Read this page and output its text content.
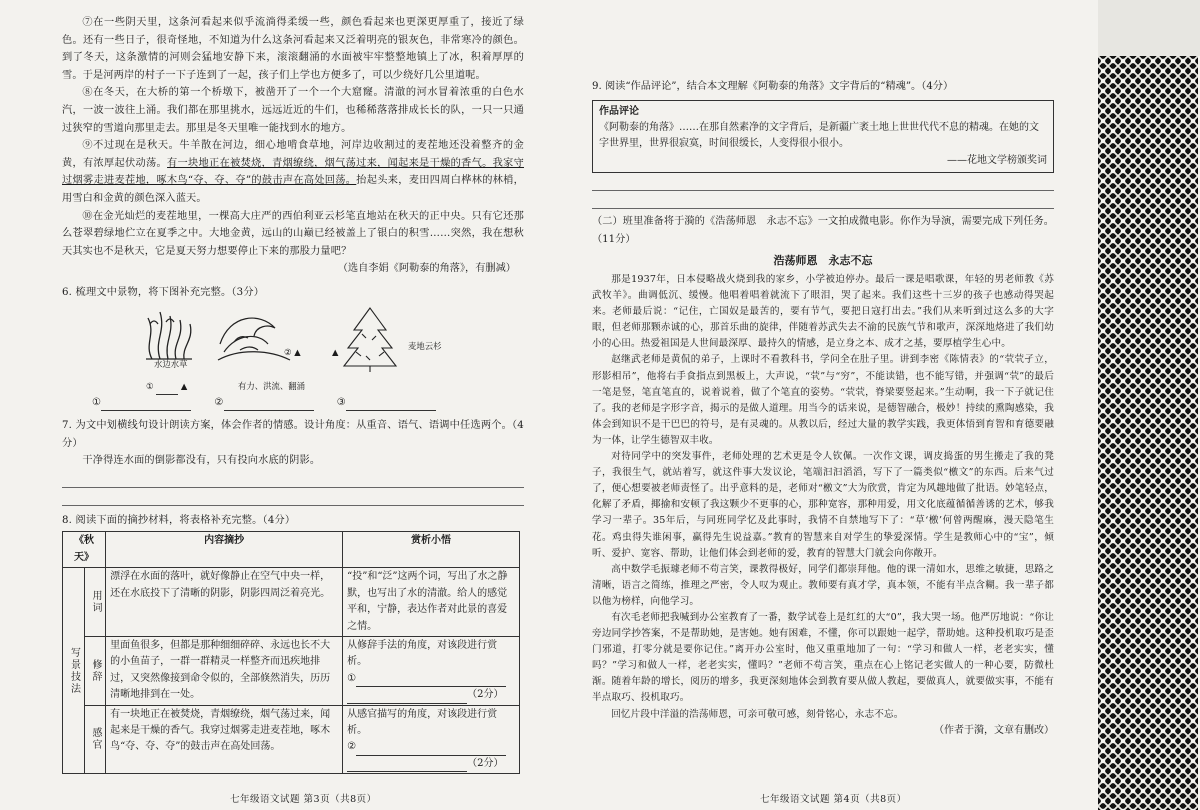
⑦在一些阴天里，这条河看起来似乎流淌得柔缓一些，颜色看起来也更深更厚重了，接近了绿色。还有一些日子，很奇怪地，不知道为什么这条河看起来又泛着明亮的银灰色，非常寒冷的颜色。到了冬天，这条激情的河则会猛地安静下来，滚滚翻涌的水面被牢牢整整地镇上了冰，积着厚厚的雪。于是河两岸的村子一下子连到了一起，孩子们上学也方便多了，可以少绕好几公里道呢。

⑧在冬天，在大桥的第一个桥墩下，被凿开了一个一个大窟窿。清澈的河水冒着浓重的白色水汽，一波一波往上涌。我们都在那里挑水，远远近近的牛们，也稀稀落落排成长长的队，一只一只通过狭窄的雪道向那里走去。那里是冬天里唯一能找到水的地方。

⑨不过现在是秋天。牛羊散在河边，细心地啃食草地，河岸边收割过的麦茬地还没着整齐的金黄，有浓厚起伏动荡。有一块地正在被焚烧，青烟缭绕，烟气荡过来，闻起来是干燥的香气。我家守过烟雾走进麦茬地，啄木鸟“夺、夺、夺”的鼓击声在高处回荡。抬起头来，麦田四周白桦林的林梢，用雪白和金黄的颜色深入蓝天。

⑩在金光灿烂的麦茬地里，一棵高大庄严的西伯利亚云杉笔直地站在秋天的正中央。只有它还那么苍翠碧绿地伫立在夏季之中。大地金黄，远山的山巅已经被盖上了银白的积雪……突然，我在想秋天其实也不是秋天，它是夏天努力想要停止下来的那股力量吧？

（选自李娟《阿勒泰的角落》，有删减）

6. 梳理文中景物，将下图补充完整。（3分）

水边水草
② ▲	▲
麦地云杉
①	▲	有力、洪流、翻涌
①	②	③

7. 为文中划横线句设计朗读方案，体会作者的情感。设计角度：从重音、语气、语调中任选两个。（4分）

干净得连水面的倒影都没有，只有投向水底的阴影。

8. 阅读下面的摘抄材料，将表格补充完整。（4分）

《秋天》		内容摘抄	赏析小悟
写景技法	用词	漂浮在水面的落叶，就好像静止在空气中央一样，还在水底投下了清晰的阴影，阴影四周泛着亮光。	“投”和“泛”这两个词，写出了水之静默，也写出了水的清澈。给人的感觉平和，宁静，表达作者对此景的喜爱之情。
	修辞	里面鱼很多，但都是那种细细碎碎、永远也长不大的小鱼苗子，一群一群精灵一样整齐而迅疾地排过，又突然像接到命令似的，全部倏然消失，历历清晰地排到在一处。	从修辞手法的角度，对该段进行赏析。
①
（2分）

	感官	有一块地正在被焚烧，青烟缭绕，烟气荡过来，闻起来是干燥的香气。我穿过烟雾走进麦茬地，啄木鸟“夺、夺、夺”的鼓击声在高处回荡。	从感官描写的角度，对该段进行赏析。
②
（2分）
七年级语文试题 第3页（共8页）

9. 阅读“作品评论”，结合本文理解《阿勒泰的角落》文字背后的“精魂”。（4分）

作品评论
《阿勒泰的角落》……在那自然素净的文字背后，是新疆广袤土地上世世代代不息的精魂。在她的文字世界里，世界很寂寞，时间很缓长，人变得很小很小。
——花地文学榜颁奖词

（二）班里准备将于漪的《浩荡师恩　永志不忘》一文拍成微电影。你作为导演，需要完成下列任务。（11分）

浩荡师恩　永志不忘

那是1937年，日本侵略战火烧到我的家乡，小学被迫停办。最后一课是唱歌课，年轻的男老师教《苏武牧羊》。曲调低沉、缓慢。他唱着唱着就流下了眼泪，哭了起来。我们这些十三岁的孩子也感动得哭起来。老师最后说：“记住，亡国奴是最苦的，要有节气，要把日寇打出去。”我们从来听到过这么多的大字眼，但老师那颗赤诚的心，那首乐曲的旋律，伴随着苏武失去不渝的民族气节和歌声，深深地烙进了我们幼小的心田。热爱祖国是人世间最深厚、最持久的情感，是立身之本、成才之基，要厚植学生心中。

赵继武老师是黄侃的弟子，上课时不看教科书，学问全在肚子里。讲到李密《陈情表》的“茕茕孑立，形影相吊”，他将右手食指点到黑板上，大声说，“茕”与“穷”，不能读错，也不能写错，并强调“茕”的最后一笔是竖，笔直笔直的，说着说着，做了个笔直的姿势。“茕茕，脊梁要竖起来。”生动啊，我一下子就记住了。我的老师是字形字音，揭示的是做人道理。用当今的话来说，是德智融合，极妙！持续的熏陶感染，我体会到知识不是干巴巴的符号，是有灵魂的。从教以后，经过大量的教学实践，我更体悟到育智和育德要融为一体，让学生德智双丰收。

对待同学中的突发事件，老师处理的艺术更是令人钦佩。一次作文课，调皮捣蛋的男生搬走了我的凳子，我很生气，就站着写，就这件事大发议论，笔端汩汩滔滔，写下了一篇类似“檄文”的东西。后来气过了，便心想要被老师责怪了。出乎意料的是，老师对“檄文”大为欣赏，肯定为风趣地做了批语。妙笔轻点，化解了矛盾，揶揄和安顿了我这颗少不更事的心，那种宽容，那种用爱，用文化底蕴循循善诱的艺术，够我学习一辈子。35年后，与同班同学忆及此事时，我情不自禁地写下了：“草‘檄’何曾两醒麻，漫天隐笔生花。鸡虫得失谁闲事，赢得先生说益嘉。”教育的智慧来自对学生的挚爱深情。学生是教师心中的“宝”，倾听、爱护、宽容、帮助，让他们体会到老师的爱，教育的智慧大门就会向你敞开。

高中数学毛振璩老师不苟言笑，课教得极好，同学们都崇拜他。他的课一清如水，思维之敏捷，思路之清晰，语言之简练，推理之严密，令人叹为观止。教师要有真才学，真本领，不能有半点含糊。我一辈子都以他为榜样，向他学习。

有次毛老师把我喊到办公室教育了一番，数学试卷上是红红的大“0”，我大哭一场。他严厉地说：“你让旁边同学抄答案，不是帮助她，是害她。她有困难，不懂，你可以跟她一起学，帮助她。这种投机取巧是歪门邪道，打零分就是要你记住。”离开办公室时，他又重重地加了一句：“学习和做人一样，老老实实，懂吗？”学习和做人一样，老老实实，懂吗？”老师不苟言笑，重点在心上铭记老实做人的一种心要，防微杜渐。随着年龄的增长，阅历的增多，我更深刻地体会到教育要从做人教起，要做真人，就要做实事，不能有半点取巧、投机取巧。

回忆片段中洋溢的浩荡师恩，可亲可敬可感，刻骨铭心，永志不忘。

（作者于漪，文章有删改）

七年级语文试题 第4页（共8页）
